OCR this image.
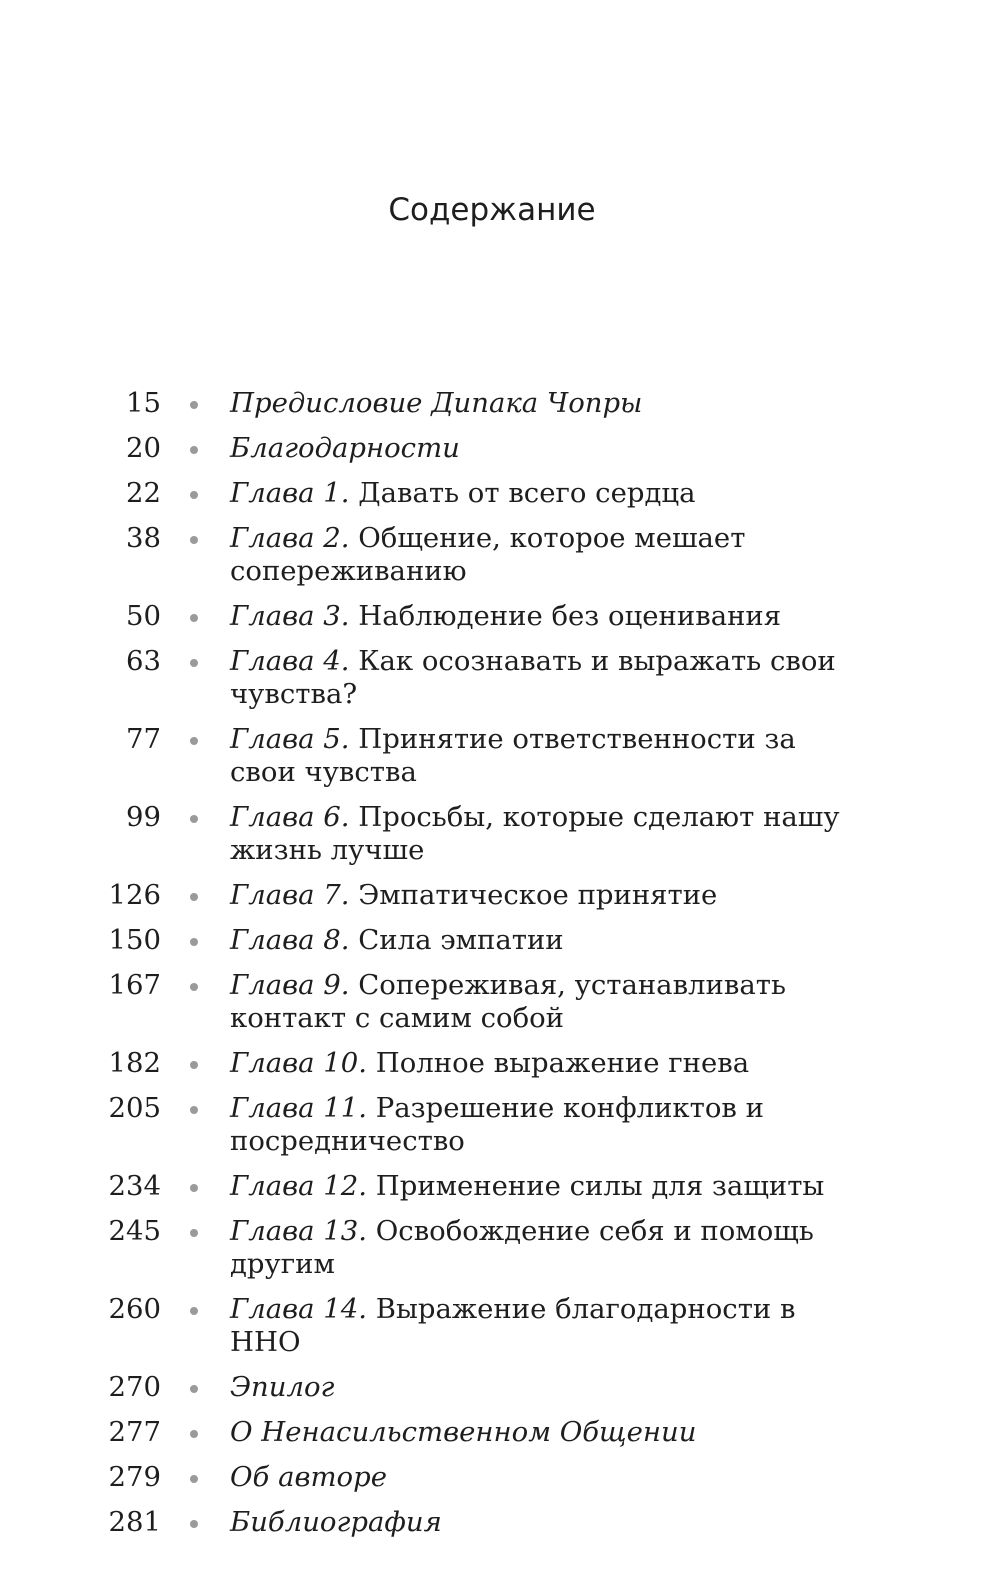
Содержание
15	Предисловие Дипака Чопры
20	Благодарности
22	Глава 1. Давать от всего сердца
38	Глава 2. Общение, которое мешает сопереживанию
50	Глава 3. Наблюдение без оценивания
63	Глава 4. Как осознавать и выражать свои чувства?
77	Глава 5. Принятие ответственности за свои чувства
99	Глава 6. Просьбы, которые сделают нашу жизнь лучше
126	Глава 7. Эмпатическое принятие
150	Глава 8. Сила эмпатии
167	Глава 9. Сопереживая, устанавливать контакт с самим собой
182	Глава 10. Полное выражение гнева
205	Глава 11. Разрешение конфликтов и посредничество
234	Глава 12. Применение силы для защиты
245	Глава 13. Освобождение себя и помощь другим
260	Глава 14. Выражение благодарности в ННО
270	Эпилог
277	О Ненасильственном Общении
279	Об авторе
281	Библиография
